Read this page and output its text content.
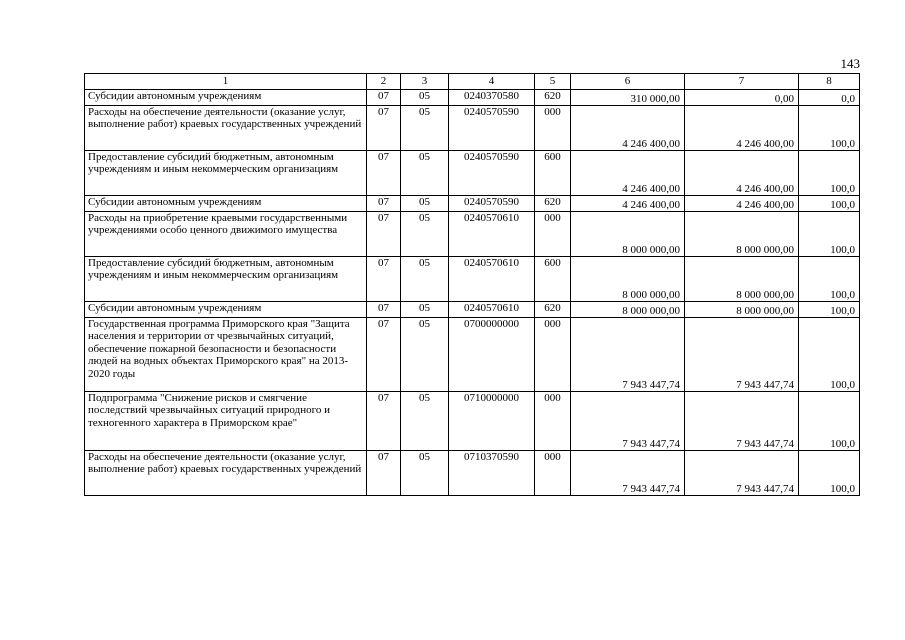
143
1	2	3	4	5	6	7	8
Субсидии автономным учреждениям	07	05	0240370580	620	310 000,00	0,00	0,0
Расходы на обеспечение деятельности (оказание услуг, выполнение работ) краевых государственных учреждений	07	05	0240570590	000	4 246 400,00	4 246 400,00	100,0
Предоставление субсидий бюджетным, автономным учреждениям и иным некоммерческим организациям	07	05	0240570590	600	4 246 400,00	4 246 400,00	100,0
Субсидии автономным учреждениям	07	05	0240570590	620	4 246 400,00	4 246 400,00	100,0
Расходы на приобретение краевыми государственными учреждениями особо ценного движимого имущества	07	05	0240570610	000	8 000 000,00	8 000 000,00	100,0
Предоставление субсидий бюджетным, автономным учреждениям и иным некоммерческим организациям	07	05	0240570610	600	8 000 000,00	8 000 000,00	100,0
Субсидии автономным учреждениям	07	05	0240570610	620	8 000 000,00	8 000 000,00	100,0
Государственная программа Приморского края "Защита населения и территории от чрезвычайных ситуаций, обеспечение пожарной безопасности и безопасности людей на водных объектах Приморского края" на 2013-2020 годы	07	05	0700000000	000	7 943 447,74	7 943 447,74	100,0
Подпрограмма "Снижение рисков и смягчение последствий чрезвычайных ситуаций природного и техногенного характера в Приморском крае"	07	05	0710000000	000	7 943 447,74	7 943 447,74	100,0
Расходы на обеспечение деятельности (оказание услуг, выполнение работ) краевых государственных учреждений	07	05	0710370590	000	7 943 447,74	7 943 447,74	100,0
